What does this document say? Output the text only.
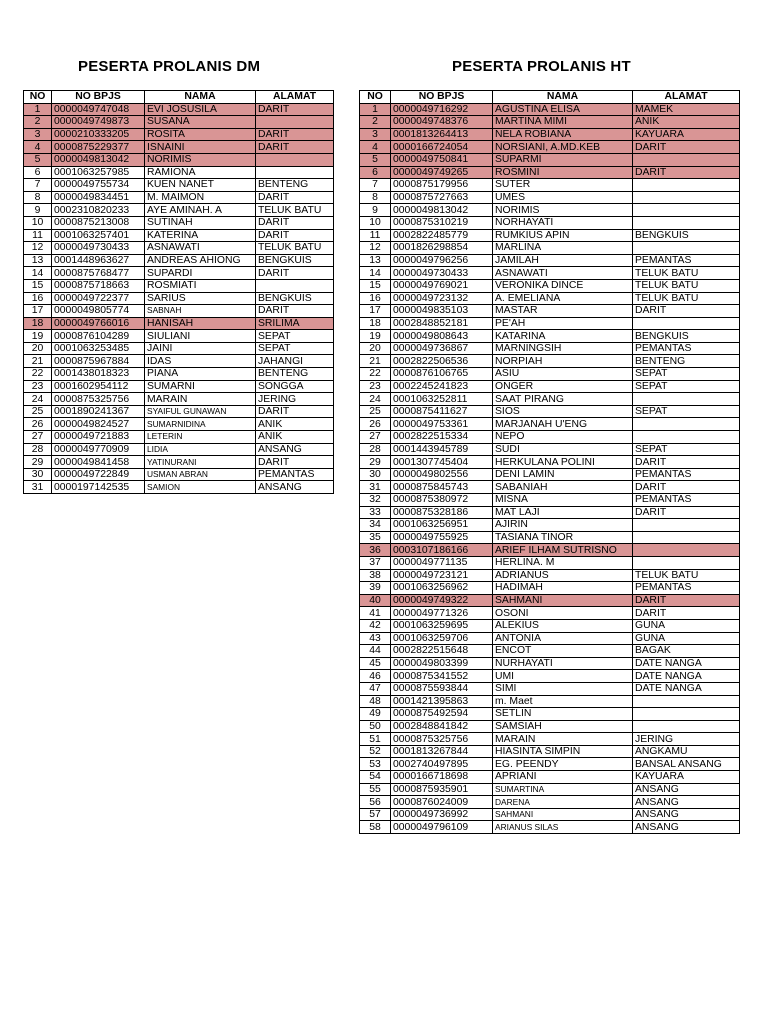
PESERTA PROLANIS DM	PESERTA PROLANIS HT
NO	NO BPJS	NAMA	ALAMAT
1	0000049747048	EVI JOSUSILA	DARIT
2	0000049749873	SUSANA	
3	0000210333205	ROSITA	DARIT
4	0000875229377	ISNAINI	DARIT
5	0000049813042	NORIMIS	
6	0001063257985	RAMIONA	
7	0000049755734	KUEN NANET	BENTENG
8	0000049834451	M. MAIMON	DARIT
9	0002310820233	AYE AMINAH. A	TELUK BATU
10	0000875213008	SUTINAH	DARIT
11	0001063257401	KATERINA	DARIT
12	0000049730433	ASNAWATI	TELUK BATU
13	0001448963627	ANDREAS AHIONG	BENGKUIS
14	0000875768477	SUPARDI	DARIT
15	0000875718663	ROSMIATI	
16	0000049722377	SARIUS	BENGKUIS
17	0000049805774	SABNAH	DARIT
18	0000049766016	HANISAH	SRILIMA
19	0000876104289	SIULIANI	SEPAT
20	0001063253485	JAINI	SEPAT
21	0000875967884	IDAS	JAHANGI
22	0001438018323	PIANA	BENTENG
23	0001602954112	SUMARNI	SONGGA
24	0000875325756	MARAIN	JERING
25	0001890241367	SYAIFUL GUNAWAN	DARIT
26	0000049824527	SUMARNIDINA	ANIK
27	0000049721883	LETERIN	ANIK
28	0000049770909	LIDIA	ANSANG
29	0000049841458	YATINURANI	DARIT
30	0000049722849	USMAN ABRAN	PEMANTAS
31	0000197142535	SAMION	ANSANG
NO	NO BPJS	NAMA	ALAMAT
1	0000049716292	AGUSTINA ELISA	MAMEK
2	0000049748376	MARTINA MIMI	ANIK
3	0001813264413	NELA ROBIANA	KAYUARA
4	0000166724054	NORSIANI, A.MD.KEB	DARIT
5	0000049750841	SUPARMI	
6	0000049749265	ROSMINI	DARIT
7	0000875179956	SUTER	
8	0000875727663	UMES	
9	0000049813042	NORIMIS	
10	0000875310219	NORHAYATI	
11	0002822485779	RUMKIUS APIN	BENGKUIS
12	0001826298854	MARLINA	
13	0000049796256	JAMILAH	PEMANTAS
14	0000049730433	ASNAWATI	TELUK BATU
15	0000049769021	VERONIKA DINCE	TELUK BATU
16	0000049723132	A. EMELIANA	TELUK BATU
17	0000049835103	MASTAR	DARIT
18	0002848852181	PE'AH	
19	0000049808643	KATARINA	BENGKUIS
20	0000049736867	MARNINGSIH	PEMANTAS
21	0002822506536	NORPIAH	BENTENG
22	0000876106765	ASIU	SEPAT
23	0002245241823	ONGER	SEPAT
24	0001063252811	SAAT PIRANG	
25	0000875411627	SIOS	SEPAT
26	0000049753361	MARJANAH U'ENG	
27	0002822515334	NEPO	
28	0001443945789	SUDI	SEPAT
29	0001307745404	HERKULANA POLINI	DARIT
30	0000049802556	DENI LAMIN	PEMANTAS
31	0000875845743	SABANIAH	DARIT
32	0000875380972	MISNA	PEMANTAS
33	0000875328186	MAT LAJI	DARIT
34	0001063256951	AJIRIN	
35	0000049755925	TASIANA TINOR	
36	0003107186166	ARIEF ILHAM SUTRISNO	
37	0000049771135	HERLINA. M	
38	0000049723121	ADRIANUS	TELUK BATU
39	0001063256962	HADIMAH	PEMANTAS
40	0000049749322	SAHMANI	DARIT
41	0000049771326	OSONI	DARIT
42	0001063259695	ALEKIUS	GUNA
43	0001063259706	ANTONIA	GUNA
44	0002822515648	ENCOT	BAGAK
45	0000049803399	NURHAYATI	DATE NANGA
46	0000875341552	UMI	DATE NANGA
47	0000875593844	SIMI	DATE NANGA
48	0001421395863	m. Maet	
49	0000875492594	SETLIN	
50	0002848841842	SAMSIAH	
51	0000875325756	MARAIN	JERING
52	0001813267844	HIASINTA SIMPIN	ANGKAMU
53	0002740497895	EG. PEENDY	BANSAL ANSANG
54	0000166718698	APRIANI	KAYUARA
55	0000875935901	SUMARTINA	ANSANG
56	0000876024009	DARENA	ANSANG
57	0000049736992	SAHMANI	ANSANG
58	0000049796109	ARIANUS SILAS	ANSANG
